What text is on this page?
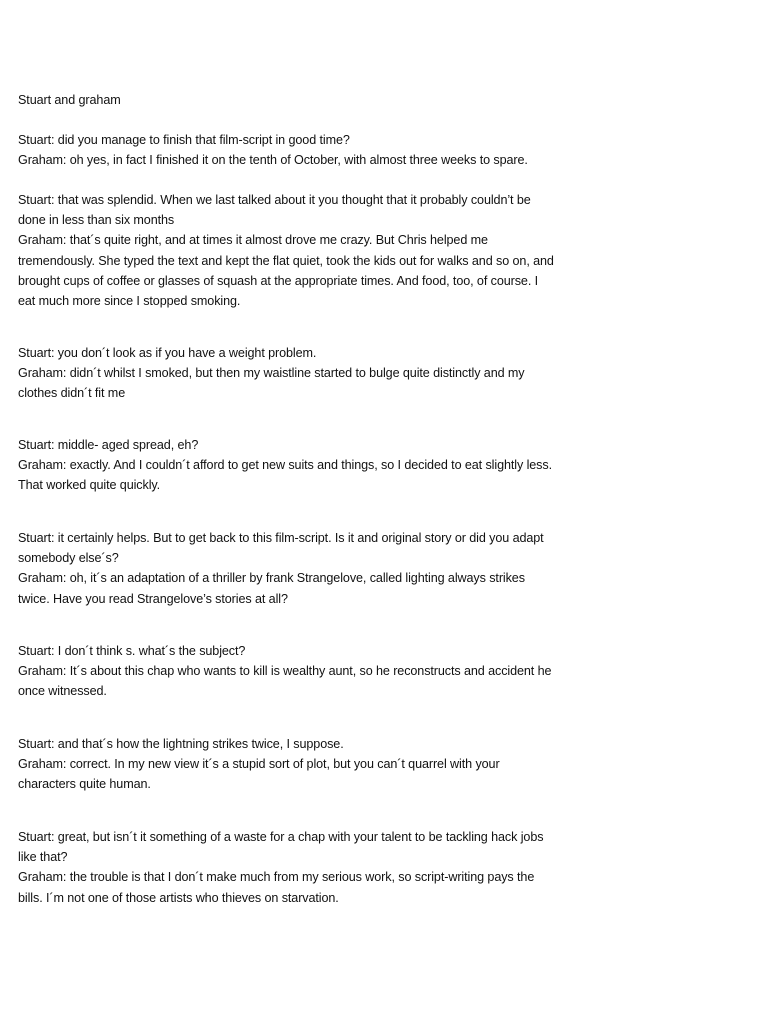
Stuart and graham

Stuart: did you manage to finish that film-script in good time?

Graham: oh yes, in fact I finished it on the tenth of October, with almost three weeks to spare.

Stuart: that was splendid. When we last talked about it you thought that it probably couldn’t be done in less than six months

Graham: that´s quite right, and at times it almost drove me crazy. But Chris helped me tremendously. She typed the text and kept the flat quiet, took the kids out for walks and so on, and brought cups of coffee or glasses of squash at the appropriate times. And food, too, of course. I eat much more since I stopped smoking.

Stuart: you don´t look as if you have a weight problem.

Graham: didn´t whilst I smoked, but then my waistline started to bulge quite distinctly and my clothes didn´t fit me

Stuart: middle- aged spread, eh?

Graham: exactly. And I couldn´t afford to get new suits and things, so I decided to eat slightly less. That worked quite quickly.

Stuart: it certainly helps. But to get back to this film-script. Is it and original story or did you adapt somebody else´s?

Graham: oh, it´s an adaptation of a thriller by frank Strangelove, called lighting always strikes twice. Have you read Strangelove’s stories at all?

Stuart: I don´t think s. what´s the subject?

Graham: It´s about this chap who wants to kill is wealthy aunt, so he reconstructs and accident he once witnessed.

Stuart: and that´s how the lightning strikes twice, I suppose.

Graham: correct. In my new view it´s a stupid sort of plot, but you can´t quarrel with your characters quite human.

Stuart: great, but isn´t it something of a waste for a chap with your talent to be tackling hack jobs like that?

Graham: the trouble is that I don´t make much from my serious work, so script-writing pays the bills. I´m not one of those artists who thieves on starvation.
